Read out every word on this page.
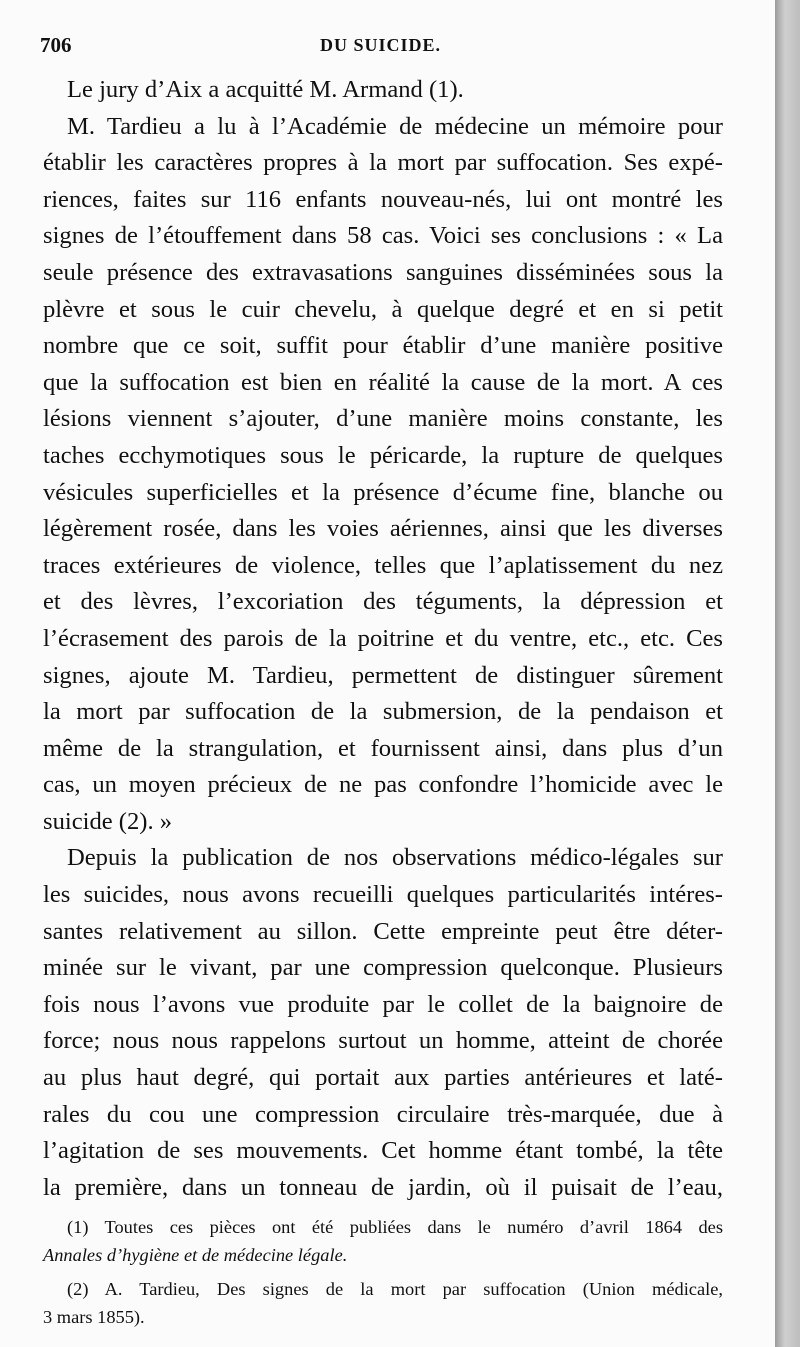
706	DU SUICIDE.
Le jury d’Aix a acquitté M. Armand (1).
M. Tardieu a lu à l’Académie de médecine un mémoire pour
établir les caractères propres à la mort par suffocation. Ses expé-
riences, faites sur 116 enfants nouveau-nés, lui ont montré les
signes de l’étouffement dans 58 cas. Voici ses conclusions : « La
seule présence des extravasations sanguines disséminées sous la
plèvre et sous le cuir chevelu, à quelque degré et en si petit
nombre que ce soit, suffit pour établir d’une manière positive
que la suffocation est bien en réalité la cause de la mort. A ces
lésions viennent s’ajouter, d’une manière moins constante, les
taches ecchymotiques sous le péricarde, la rupture de quelques
vésicules superficielles et la présence d’écume fine, blanche ou
légèrement rosée, dans les voies aériennes, ainsi que les diverses
traces extérieures de violence, telles que l’aplatissement du nez
et des lèvres, l’excoriation des téguments, la dépression et
l’écrasement des parois de la poitrine et du ventre, etc., etc. Ces
signes, ajoute M. Tardieu, permettent de distinguer sûrement
la mort par suffocation de la submersion, de la pendaison et
même de la strangulation, et fournissent ainsi, dans plus d’un
cas, un moyen précieux de ne pas confondre l’homicide avec le
suicide (2). »
Depuis la publication de nos observations médico-légales sur
les suicides, nous avons recueilli quelques particularités intéres-
santes relativement au sillon. Cette empreinte peut être déter-
minée sur le vivant, par une compression quelconque. Plusieurs
fois nous l’avons vue produite par le collet de la baignoire de
force; nous nous rappelons surtout un homme, atteint de chorée
au plus haut degré, qui portait aux parties antérieures et laté-
rales du cou une compression circulaire très-marquée, due à
l’agitation de ses mouvements. Cet homme étant tombé, la tête
la première, dans un tonneau de jardin, où il puisait de l’eau,
(1) Toutes ces pièces ont été publiées dans le numéro d’avril 1864 des
Annales d’hygiène et de médecine légale.
(2) A. Tardieu, Des signes de la mort par suffocation (Union médicale,
3 mars 1855).
